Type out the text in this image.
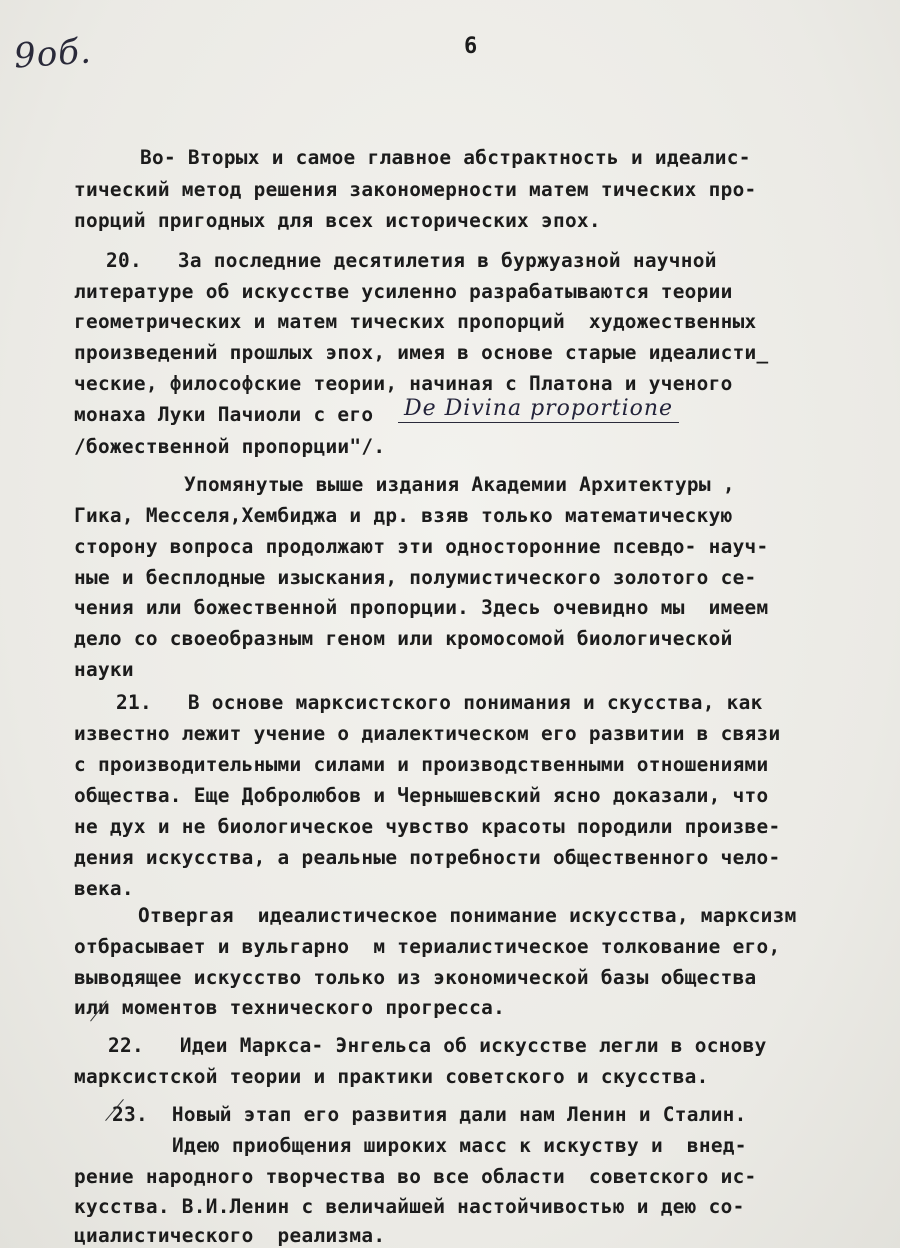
9об.	6
Во- Вторых и самое главное абстрактность и идеалис-
тический метод решения закономерности матем тических про-
порций пригодных для всех исторических эпох.
20.   За последние десятилетия в буржуазной научной
литературе об искусстве усиленно разрабатываются теории
геометрических и матем тических пропорций  художественных
произведений прошлых эпох, имея в основе старые идеалисти_
ческие, философские теории, начиная с Платона и ученого
монаха Луки Пачиоли с его De Divina proportione
/божественной пропорции"/.
Упомянутые выше издания Академии Архитектуры ,
Гика, Месселя,Хембиджа и др. взяв только математическую
сторону вопроса продолжают эти односторонние псевдо- науч-
ные и бесплодные изыскания, полумистического золотого се-
чения или божественной пропорции. Здесь очевидно мы  имеем
дело со своеобразным геном или кромосомой биологической
науки
21.   В основе марксистского понимания и скусства, как
известно лежит учение о диалектическом его развитии в связи
с производительными силами и производственными отношениями
общества. Еще Добролюбов и Чернышевский ясно доказали, что
не дух и не биологическое чувство красоты породили произве-
дения искусства, а реальные потребности общественного чело-
века.
Отвергая  идеалистическое понимание искусства, марксизм
отбрасывает и вульгарно  м териалистическое толкование его,
выводящее искусство только из экономической базы общества
или моментов технического прогресса.
22.   Идеи Маркса- Энгельса об искусстве легли в основу
марксистской теории и практики советского и скусства.
23.  Новый этап его развития дали нам Ленин и Сталин.
Идею приобщения широких масс к искуству и  внед-
рение народного творчества во все области  советского ис-
кусства. В.И.Ленин с величайшей настойчивостью и дею со-
циалистического  реализма.
